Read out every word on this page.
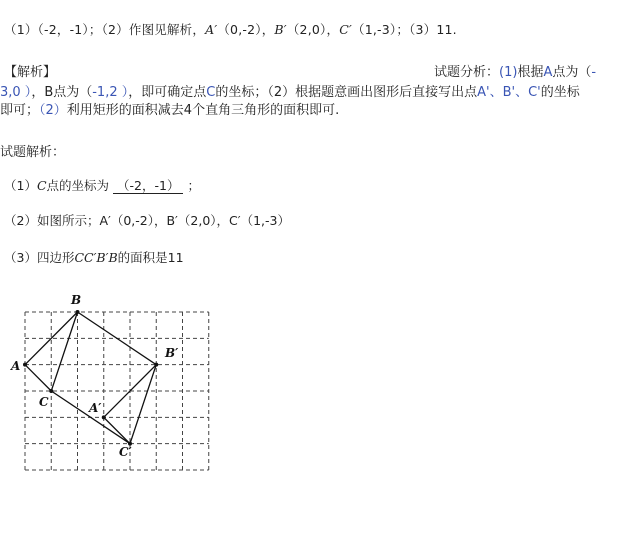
（1）（-2，-1）；（2）作图见解析，A′（0,-2），B′（2,0），C′（1,-3）；（3）11.
【解析】	试题分析：(1)根据A点为（-
3,0 ），B点为（-1,2 ），即可确定点C的坐标；（2）根据题意画出图形后直接写出点A'、B'、C'的坐标
即可；（2）利用矩形的面积减去4个直角三角形的面积即可.
试题解析：
（1）C点的坐标为 （-2，-1） ；
（2）如图所示；A′（0,-2），B′（2,0），C′（1,-3）
（3）四边形CC′B′B的面积是11
A
B
C	A′
B′
C′
